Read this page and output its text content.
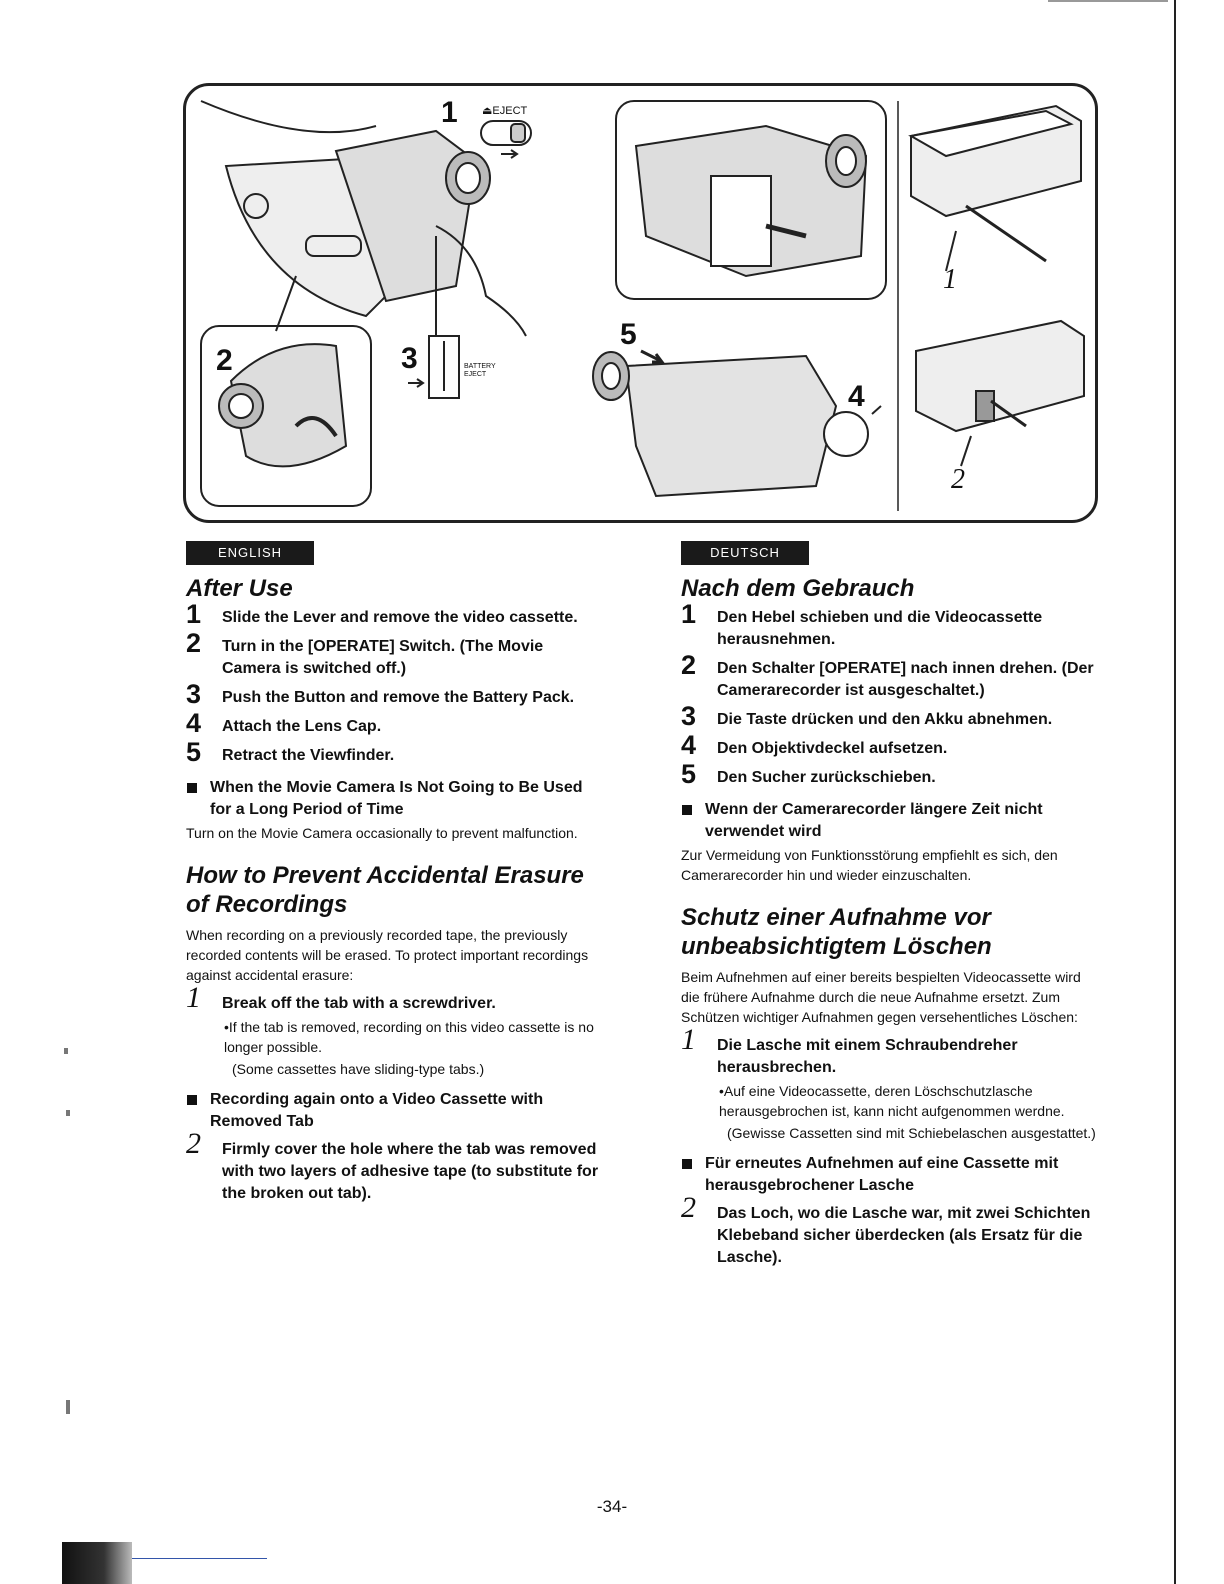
1 ⏏EJECT
2	3	BATTERY
EJECT
5
4
1
2
ENGLISH
After Use
1 Slide the Lever and remove the video cassette.
2 Turn in the [OPERATE] Switch. (The Movie Camera is switched off.)
3 Push the Button and remove the Battery Pack.
4 Attach the Lens Cap.
5 Retract the Viewfinder.
When the Movie Camera Is Not Going to Be Used for a Long Period of Time

Turn on the Movie Camera occasionally to prevent malfunction.

How to Prevent Accidental Erasure of Recordings

When recording on a previously recorded tape, the previously recorded contents will be erased. To protect important recordings against accidental erasure:

1 Break off the tab with a screwdriver.

•If the tab is removed, recording on this video cassette is no longer possible.

(Some cassettes have sliding-type tabs.)

Recording again onto a Video Cassette with Removed Tab
2 Firmly cover the hole where the tab was removed with two layers of adhesive tape (to substitute for the broken out tab).
DEUTSCH
Nach dem Gebrauch
1 Den Hebel schieben und die Videocassette herausnehmen.
2 Den Schalter [OPERATE] nach innen drehen. (Der Camerarecorder ist ausgeschaltet.)
3 Die Taste drücken und den Akku abnehmen.
4 Den Objektivdeckel aufsetzen.
5 Den Sucher zurückschieben.
Wenn der Camerarecorder längere Zeit nicht verwendet wird

Zur Vermeidung von Funktionsstörung empfiehlt es sich, den Camerarecorder hin und wieder einzuschalten.

Schutz einer Aufnahme vor unbeabsichtigtem Löschen

Beim Aufnehmen auf einer bereits bespielten Videocassette wird die frühere Aufnahme durch die neue Aufnahme ersetzt. Zum Schützen wichtiger Aufnahmen gegen versehentliches Löschen:

1 Die Lasche mit einem Schraubendreher herausbrechen.

•Auf eine Videocassette, deren Löschschutzlasche herausgebrochen ist, kann nicht aufgenommen werdne.

(Gewisse Cassetten sind mit Schiebelaschen ausgestattet.)

Für erneutes Aufnehmen auf eine Cassette mit herausgebrochener Lasche
2 Das Loch, wo die Lasche war, mit zwei Schichten Klebeband sicher überdecken (als Ersatz für die Lasche).
-34-
